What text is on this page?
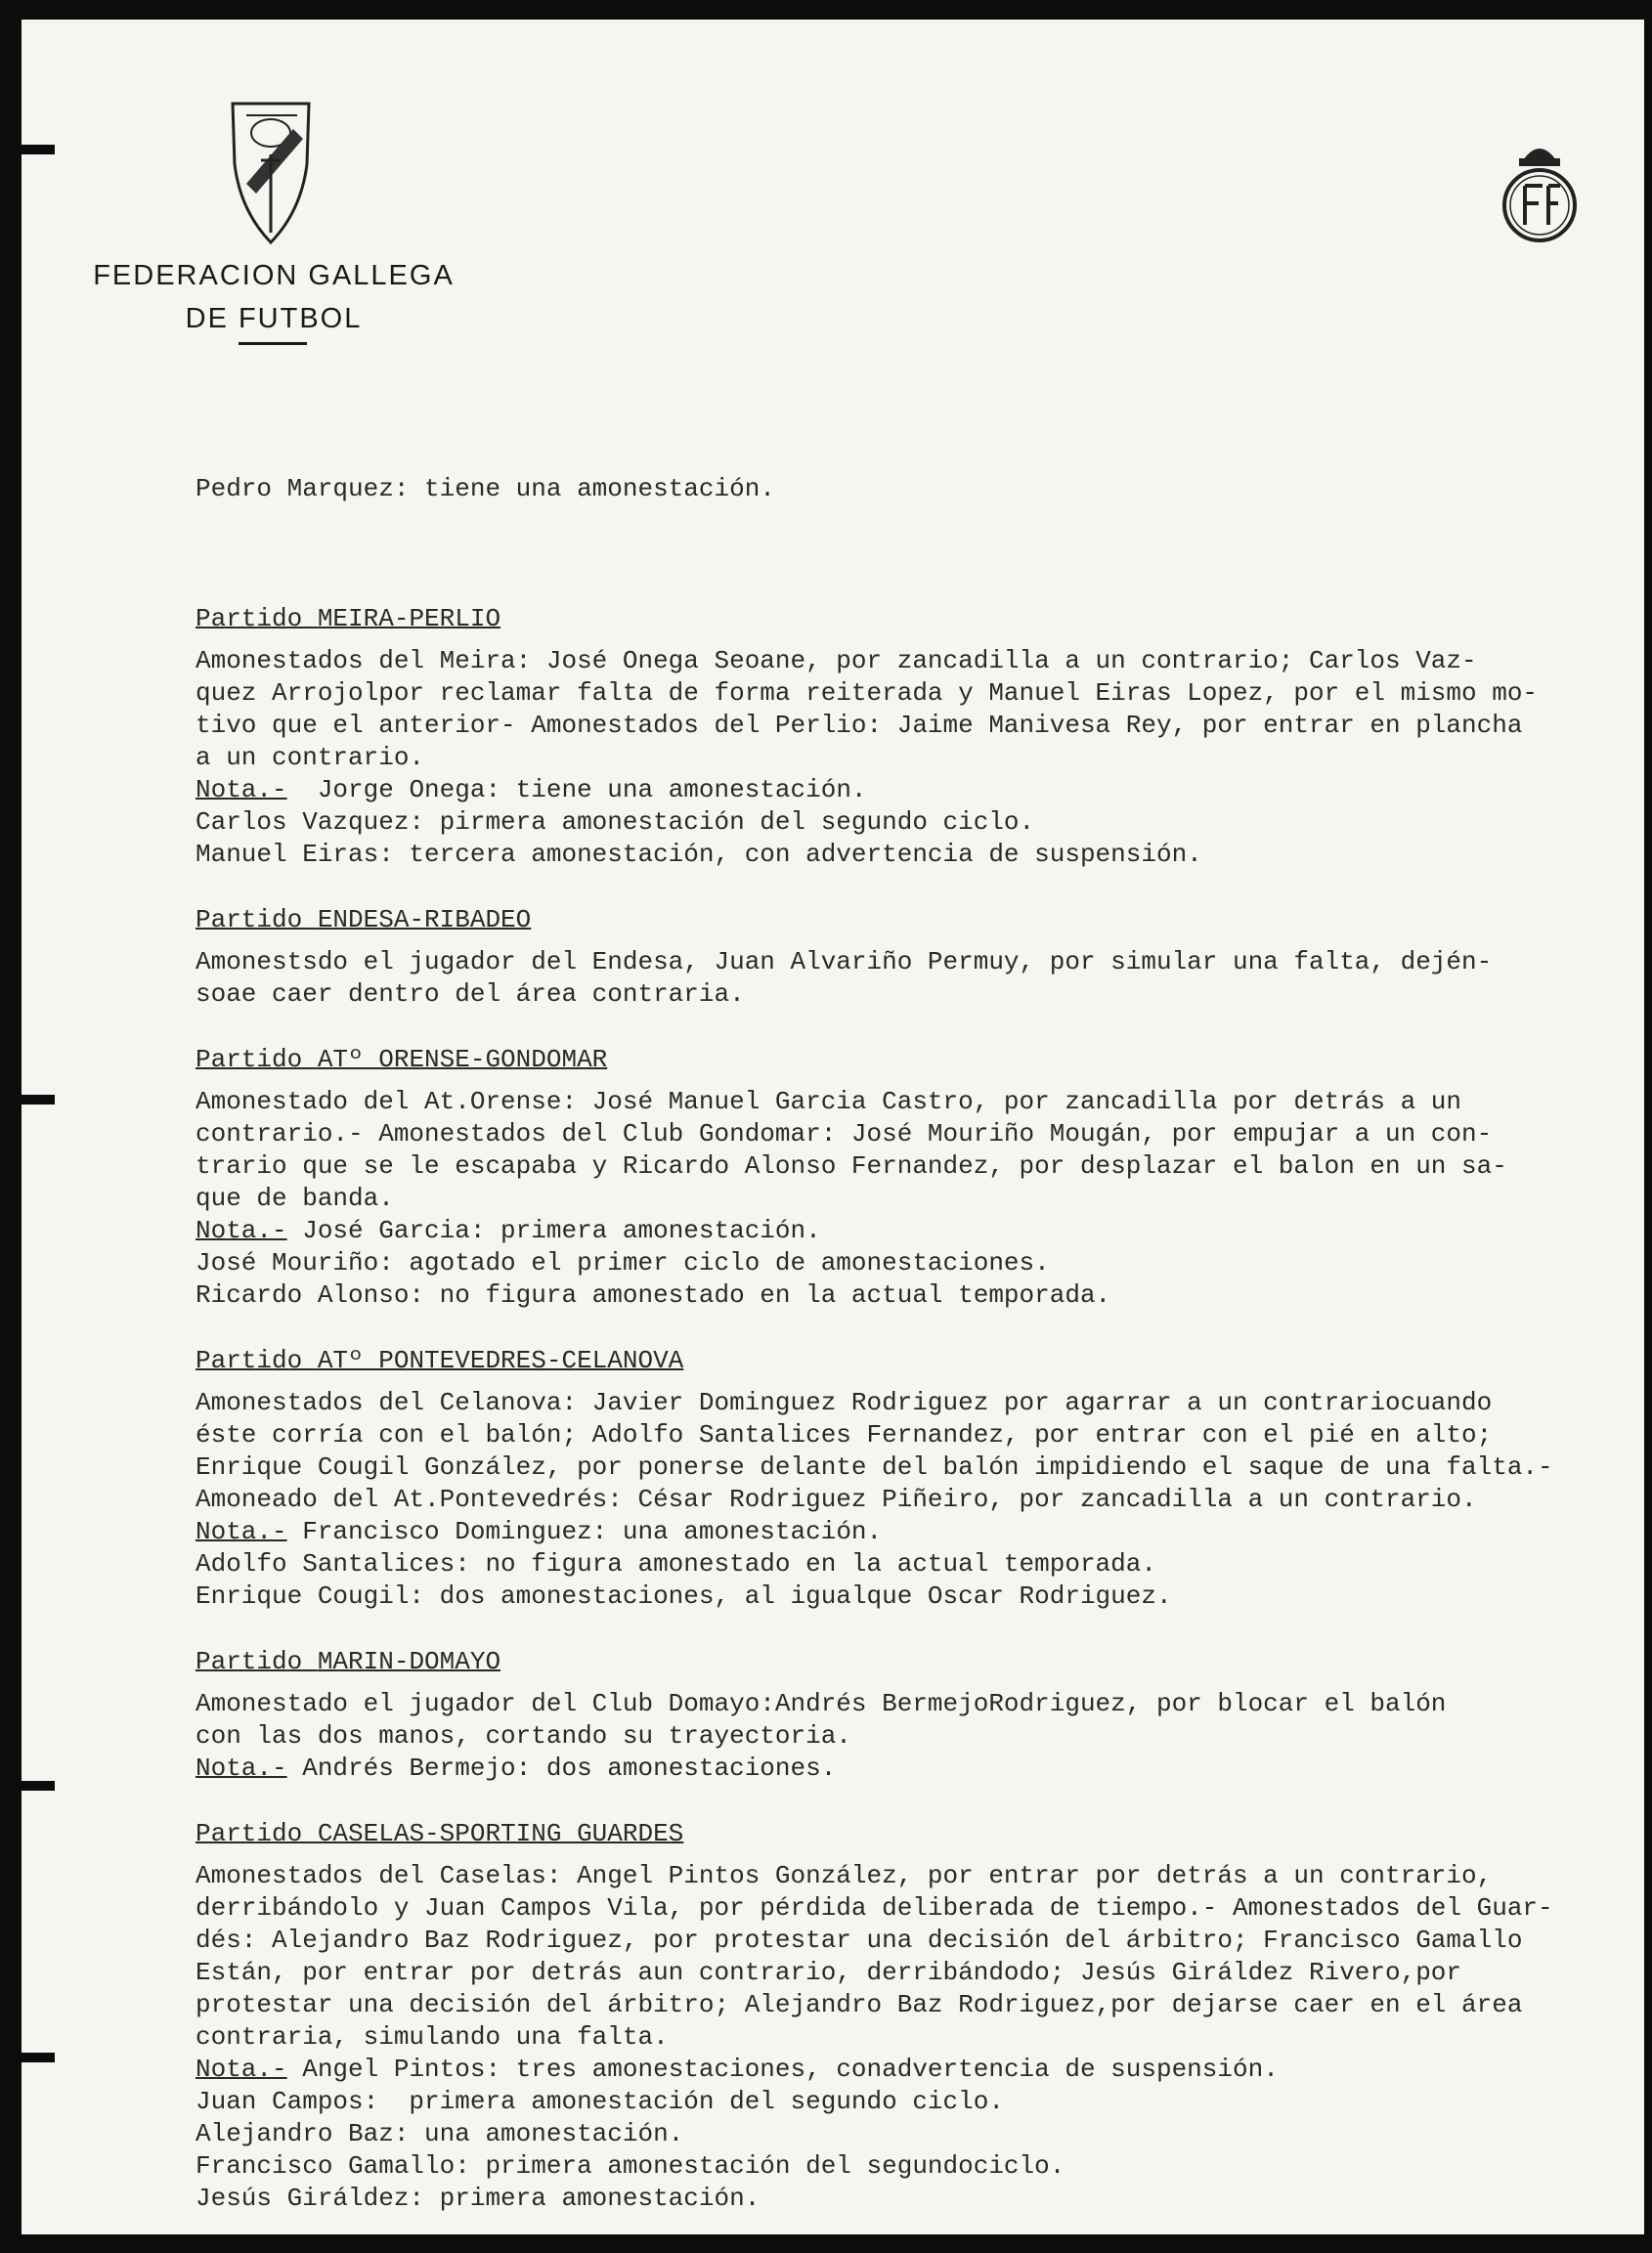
FEDERACION GALLEGA
DE FUTBOL

Pedro Marquez: tiene una amonestación.

Partido MEIRA-PERLIO
Amonestados del Meira: José Onega Seoane, por zancadilla a un contrario; Carlos Vaz-
quez Arrojolpor reclamar falta de forma reiterada y Manuel Eiras Lopez, por el mismo mo-
tivo que el anterior- Amonestados del Perlio: Jaime Manivesa Rey, por entrar en plancha
a un contrario.
Nota.-  Jorge Onega: tiene una amonestación.
Carlos Vazquez: pirmera amonestación del segundo ciclo.
Manuel Eiras: tercera amonestación, con advertencia de suspensión.
Partido ENDESA-RIBADEO
Amonestsdo el jugador del Endesa, Juan Alvariño Permuy, por simular una falta, dején-
soae caer dentro del área contraria.
Partido ATº ORENSE-GONDOMAR
Amonestado del At.Orense: José Manuel Garcia Castro, por zancadilla por detrás a un
contrario.- Amonestados del Club Gondomar: José Mouriño Mougán, por empujar a un con-
trario que se le escapaba y Ricardo Alonso Fernandez, por desplazar el balon en un sa-
que de banda.
Nota.- José Garcia: primera amonestación.
José Mouriño: agotado el primer ciclo de amonestaciones.
Ricardo Alonso: no figura amonestado en la actual temporada.
Partido ATº PONTEVEDRES-CELANOVA
Amonestados del Celanova: Javier Dominguez Rodriguez por agarrar a un contrariocuando
éste corría con el balón; Adolfo Santalices Fernandez, por entrar con el pié en alto;
Enrique Cougil González, por ponerse delante del balón impidiendo el saque de una falta.-
Amoneado del At.Pontevedrés: César Rodriguez Piñeiro, por zancadilla a un contrario.
Nota.- Francisco Dominguez: una amonestación.
Adolfo Santalices: no figura amonestado en la actual temporada.
Enrique Cougil: dos amonestaciones, al igualque Oscar Rodriguez.
Partido MARIN-DOMAYO
Amonestado el jugador del Club Domayo:Andrés BermejoRodriguez, por blocar el balón
con las dos manos, cortando su trayectoria.
Nota.- Andrés Bermejo: dos amonestaciones.
Partido CASELAS-SPORTING GUARDES
Amonestados del Caselas: Angel Pintos González, por entrar por detrás a un contrario,
derribándolo y Juan Campos Vila, por pérdida deliberada de tiempo.- Amonestados del Guar-
dés: Alejandro Baz Rodriguez, por protestar una decisión del árbitro; Francisco Gamallo
Están, por entrar por detrás aun contrario, derribándodo; Jesús Giráldez Rivero,por
protestar una decisión del árbitro; Alejandro Baz Rodriguez,por dejarse caer en el área
contraria, simulando una falta.
Nota.- Angel Pintos: tres amonestaciones, conadvertencia de suspensión.
Juan Campos:  primera amonestación del segundo ciclo.
Alejandro Baz: una amonestación.
Francisco Gamallo: primera amonestación del segundociclo.
Jesús Giráldez: primera amonestación.
